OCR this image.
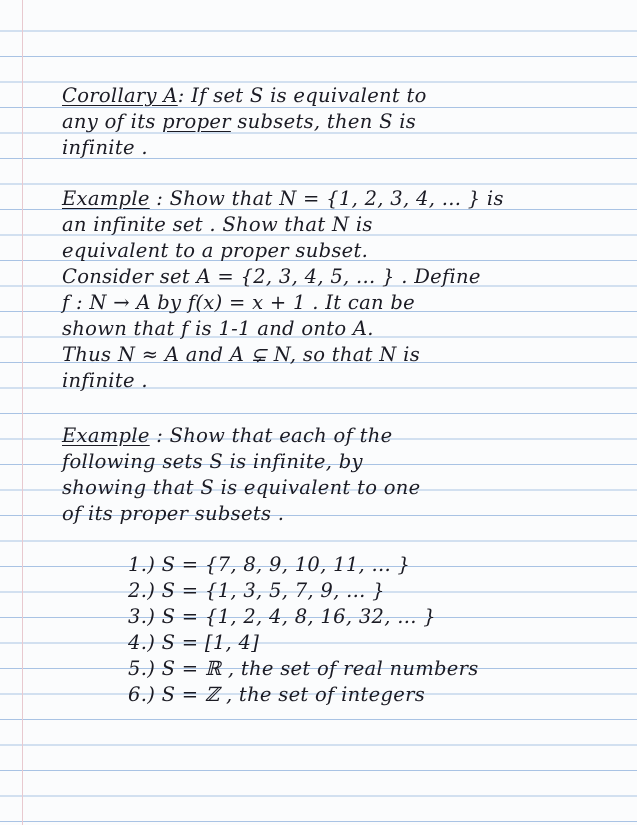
Corollary A: If set S is equivalent to
any of its proper subsets, then S is
infinite .
Example : Show that N = {1, 2, 3, 4, ... } is
an infinite set . Show that N is
equivalent to a proper subset.
Consider set A = {2, 3, 4, 5, ... } . Define
f : N → A by f(x) = x + 1 . It can be
shown that f is 1-1 and onto A.
Thus N ≈ A and A ⊊ N, so that N is
infinite .
Example : Show that each of the
following sets S is infinite, by
showing that S is equivalent to one
of its proper subsets .
1.) S = {7, 8, 9, 10, 11, ... }
2.) S = {1, 3, 5, 7, 9, ... }
3.) S = {1, 2, 4, 8, 16, 32, ... }
4.) S = [1, 4]
5.) S = ℝ , the set of real numbers
6.) S = ℤ , the set of integers
